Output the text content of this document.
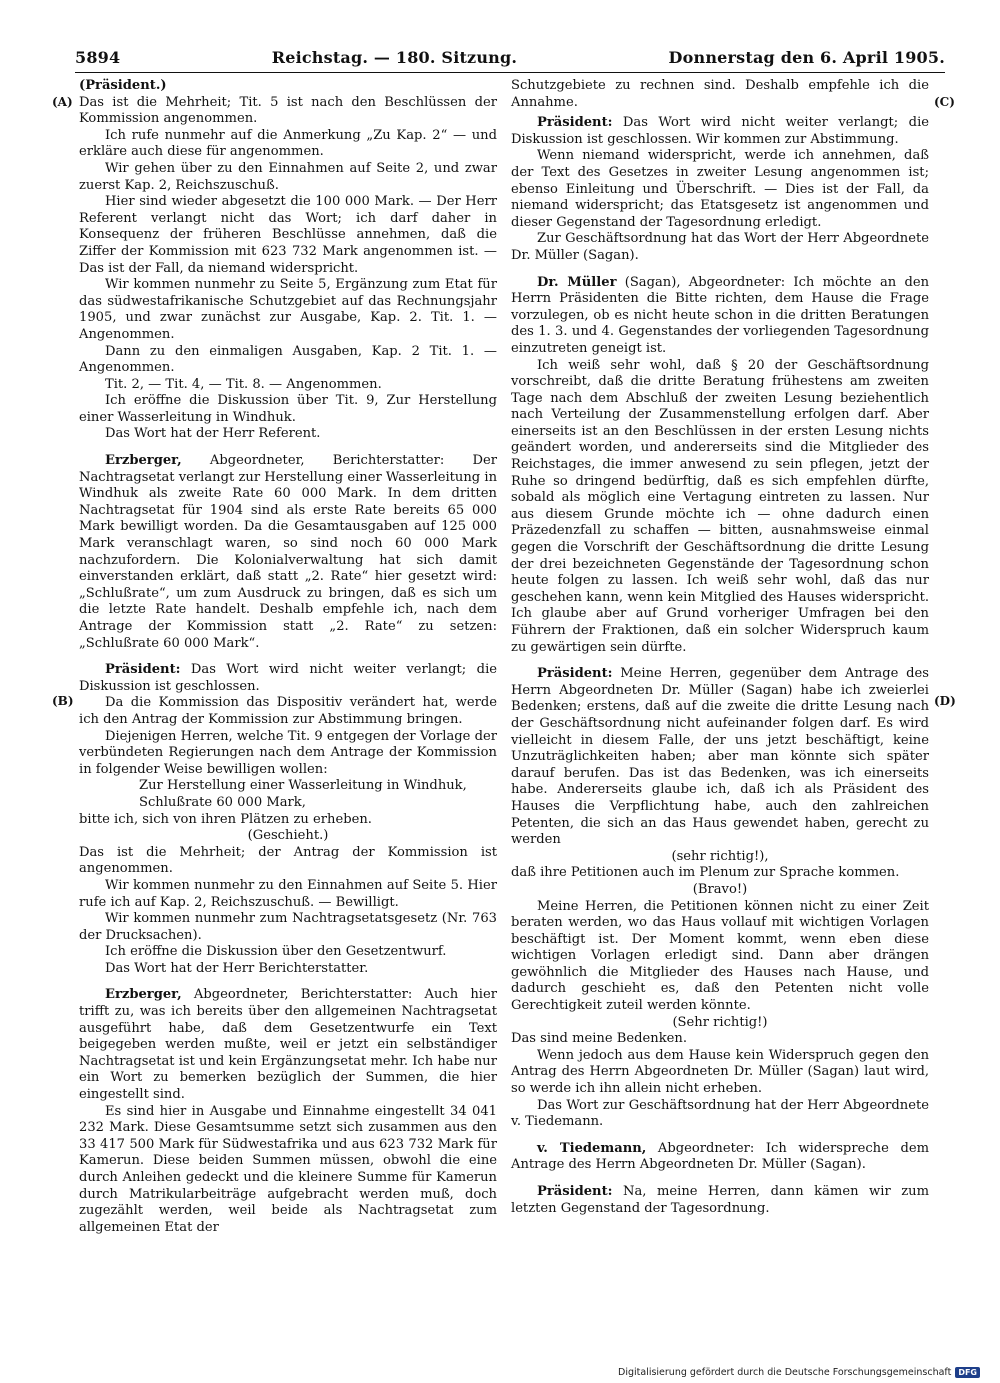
5894	Reichstag. — 180. Sitzung.	Donnerstag den 6. April 1905.
(A)
(B)
(C)
(D)

(Präsident.)

Das ist die Mehrheit; Tit. 5 ist nach den Beschlüssen der Kommission angenommen.

Ich rufe nunmehr auf die Anmerkung „Zu Kap. 2“ — und erkläre auch diese für angenommen.

Wir gehen über zu den Einnahmen auf Seite 2, und zwar zuerst Kap. 2, Reichszuschuß.

Hier sind wieder abgesetzt die 100 000 Mark. — Der Herr Referent verlangt nicht das Wort; ich darf daher in Konsequenz der früheren Beschlüsse annehmen, daß die Ziffer der Kommission mit 623 732 Mark angenommen ist. — Das ist der Fall, da niemand widerspricht.

Wir kommen nunmehr zu Seite 5, Ergänzung zum Etat für das südwestafrikanische Schutzgebiet auf das Rechnungsjahr 1905, und zwar zunächst zur Ausgabe, Kap. 2. Tit. 1. — Angenommen.

Dann zu den einmaligen Ausgaben, Kap. 2 Tit. 1. — Angenommen.

Tit. 2, — Tit. 4, — Tit. 8. — Angenommen.

Ich eröffne die Diskussion über Tit. 9, Zur Herstellung einer Wasserleitung in Windhuk.

Das Wort hat der Herr Referent.

Erzberger, Abgeordneter, Berichterstatter: Der Nachtragsetat verlangt zur Herstellung einer Wasserleitung in Windhuk als zweite Rate 60 000 Mark. In dem dritten Nachtragsetat für 1904 sind als erste Rate bereits 65 000 Mark bewilligt worden. Da die Gesamtausgaben auf 125 000 Mark veranschlagt waren, so sind noch 60 000 Mark nachzufordern. Die Kolonialverwaltung hat sich damit einverstanden erklärt, daß statt „2. Rate“ hier gesetzt wird: „Schlußrate“, um zum Ausdruck zu bringen, daß es sich um die letzte Rate handelt. Deshalb empfehle ich, nach dem Antrage der Kommission statt „2. Rate“ zu setzen: „Schlußrate 60 000 Mark“.

Präsident: Das Wort wird nicht weiter verlangt; die Diskussion ist geschlossen.

Da die Kommission das Dispositiv verändert hat, werde ich den Antrag der Kommission zur Abstimmung bringen.

Diejenigen Herren, welche Tit. 9 entgegen der Vorlage der verbündeten Regierungen nach dem Antrage der Kommission in folgender Weise bewilligen wollen:

Zur Herstellung einer Wasserleitung in Windhuk, Schlußrate 60 000 Mark,

bitte ich, sich von ihren Plätzen zu erheben.

(Geschieht.)

Das ist die Mehrheit; der Antrag der Kommission ist angenommen.

Wir kommen nunmehr zu den Einnahmen auf Seite 5. Hier rufe ich auf Kap. 2, Reichszuschuß. — Bewilligt.

Wir kommen nunmehr zum Nachtragsetatsgesetz (Nr. 763 der Drucksachen).

Ich eröffne die Diskussion über den Gesetzentwurf.

Das Wort hat der Herr Berichterstatter.

Erzberger, Abgeordneter, Berichterstatter: Auch hier trifft zu, was ich bereits über den allgemeinen Nachtragsetat ausgeführt habe, daß dem Gesetzentwurfe ein Text beigegeben werden mußte, weil er jetzt ein selbständiger Nachtragsetat ist und kein Ergänzungsetat mehr. Ich habe nur ein Wort zu bemerken bezüglich der Summen, die hier eingestellt sind.

Es sind hier in Ausgabe und Einnahme eingestellt 34 041 232 Mark. Diese Gesamtsumme setzt sich zusammen aus den 33 417 500 Mark für Südwestafrika und aus 623 732 Mark für Kamerun. Diese beiden Summen müssen, obwohl die eine durch Anleihen gedeckt und die kleinere Summe für Kamerun durch Matrikularbeiträge aufgebracht werden muß, doch zugezählt werden, weil beide als Nachtragsetat zum allgemeinen Etat der

Schutzgebiete zu rechnen sind. Deshalb empfehle ich die Annahme.

Präsident: Das Wort wird nicht weiter verlangt; die Diskussion ist geschlossen. Wir kommen zur Abstimmung.

Wenn niemand widerspricht, werde ich annehmen, daß der Text des Gesetzes in zweiter Lesung angenommen ist; ebenso Einleitung und Überschrift. — Dies ist der Fall, da niemand widerspricht; das Etatsgesetz ist angenommen und dieser Gegenstand der Tagesordnung erledigt.

Zur Geschäftsordnung hat das Wort der Herr Abgeordnete Dr. Müller (Sagan).

Dr. Müller (Sagan), Abgeordneter: Ich möchte an den Herrn Präsidenten die Bitte richten, dem Hause die Frage vorzulegen, ob es nicht heute schon in die dritten Beratungen des 1. 3. und 4. Gegenstandes der vorliegenden Tagesordnung einzutreten geneigt ist.

Ich weiß sehr wohl, daß § 20 der Geschäftsordnung vorschreibt, daß die dritte Beratung frühestens am zweiten Tage nach dem Abschluß der zweiten Lesung beziehentlich nach Verteilung der Zusammenstellung erfolgen darf. Aber einerseits ist an den Beschlüssen in der ersten Lesung nichts geändert worden, und andererseits sind die Mitglieder des Reichstages, die immer anwesend zu sein pflegen, jetzt der Ruhe so dringend bedürftig, daß es sich empfehlen dürfte, sobald als möglich eine Vertagung eintreten zu lassen. Nur aus diesem Grunde möchte ich — ohne dadurch einen Präzedenzfall zu schaffen — bitten, ausnahmsweise einmal gegen die Vorschrift der Geschäftsordnung die dritte Lesung der drei bezeichneten Gegenstände der Tagesordnung schon heute folgen zu lassen. Ich weiß sehr wohl, daß das nur geschehen kann, wenn kein Mitglied des Hauses widerspricht. Ich glaube aber auf Grund vorheriger Umfragen bei den Führern der Fraktionen, daß ein solcher Widerspruch kaum zu gewärtigen sein dürfte.

Präsident: Meine Herren, gegenüber dem Antrage des Herrn Abgeordneten Dr. Müller (Sagan) habe ich zweierlei Bedenken; erstens, daß auf die zweite die dritte Lesung nach der Geschäftsordnung nicht aufeinander folgen darf. Es wird vielleicht in diesem Falle, der uns jetzt beschäftigt, keine Unzuträglichkeiten haben; aber man könnte sich später darauf berufen. Das ist das Bedenken, was ich einerseits habe. Andererseits glaube ich, daß ich als Präsident des Hauses die Verpflichtung habe, auch den zahlreichen Petenten, die sich an das Haus gewendet haben, gerecht zu werden

(sehr richtig!),

daß ihre Petitionen auch im Plenum zur Sprache kommen.

(Bravo!)

Meine Herren, die Petitionen können nicht zu einer Zeit beraten werden, wo das Haus vollauf mit wichtigen Vorlagen beschäftigt ist. Der Moment kommt, wenn eben diese wichtigen Vorlagen erledigt sind. Dann aber drängen gewöhnlich die Mitglieder des Hauses nach Hause, und dadurch geschieht es, daß den Petenten nicht volle Gerechtigkeit zuteil werden könnte.

(Sehr richtig!)

Das sind meine Bedenken.

Wenn jedoch aus dem Hause kein Widerspruch gegen den Antrag des Herrn Abgeordneten Dr. Müller (Sagan) laut wird, so werde ich ihn allein nicht erheben.

Das Wort zur Geschäftsordnung hat der Herr Abgeordnete v. Tiedemann.

v. Tiedemann, Abgeordneter: Ich widerspreche dem Antrage des Herrn Abgeordneten Dr. Müller (Sagan).

Präsident: Na, meine Herren, dann kämen wir zum letzten Gegenstand der Tagesordnung.

Digitalisierung gefördert durch die Deutsche Forschungsgemeinschaft DFG
